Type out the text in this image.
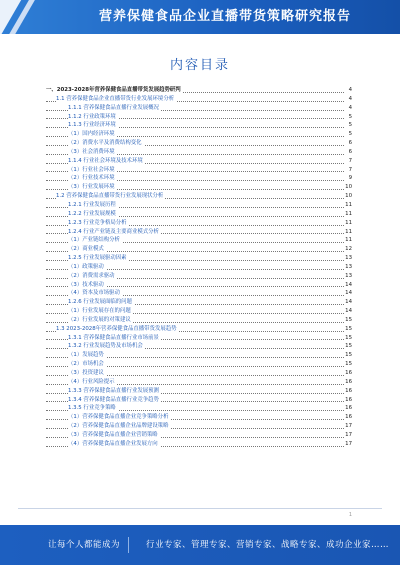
营养保健食品企业直播带货策略研究报告
内容目录
一、2023-2028年营养保健食品直播带货发展趋势研判	4
1.1 营养保健食品企业直播带货行业发展环境分析	4
1.1.1 营养保健食品直播行业发展概况	4
1.1.2 行业政策环境	5
1.1.3 行业经济环境	5
（1）国内经济环境	5
（2）消费水平及消费结构变化	6
（3）社会消费环境	6
1.1.4 行业社会环境及技术环境	7
（1）行业社会环境	7
（2）行业技术环境	9
（3）行业发展环境	10
1.2 营养保健食品直播带货行业发展现状分析	10
1.2.1 行业发展历程	11
1.2.2 行业发展规模	11
1.2.3 行业竞争格局分析	11
1.2.4 行业产业链及主要商业模式分析	11
（1）产业链结构分析	11
（2）商业模式	12
1.2.5 行业发展驱动因素	13
（1）政策驱动	13
（2）消费需求驱动	13
（3）技术驱动	14
（4）资本及市场驱动	14
1.2.6 行业发展面临的问题	14
（1）行业发展存在的问题	14
（2）行业发展的对策建议	15
1.3 2023-2028年营养保健食品直播带货发展趋势	15
1.3.1 营养保健食品直播行业市场前景	15
1.3.2 行业发展趋势及市场机会	15
（1）发展趋势	15
（2）市场机会	15
（3）投资建议	16
（4）行业风险提示	16
1.3.3 营养保健食品直播行业发展预测	16
1.3.4 营养保健食品直播行业竞争趋势	16
1.3.5 行业竞争策略	16
（1）营养保健食品直播企业竞争策略分析	16
（2）营养保健食品直播企业品牌建设策略	17
（3）营养保健食品直播企业营销策略	17
（4）营养保健食品直播企业发展方向	17
1
让每个人都能成为	行业专家、管理专家、营销专家、战略专家、成功企业家……
